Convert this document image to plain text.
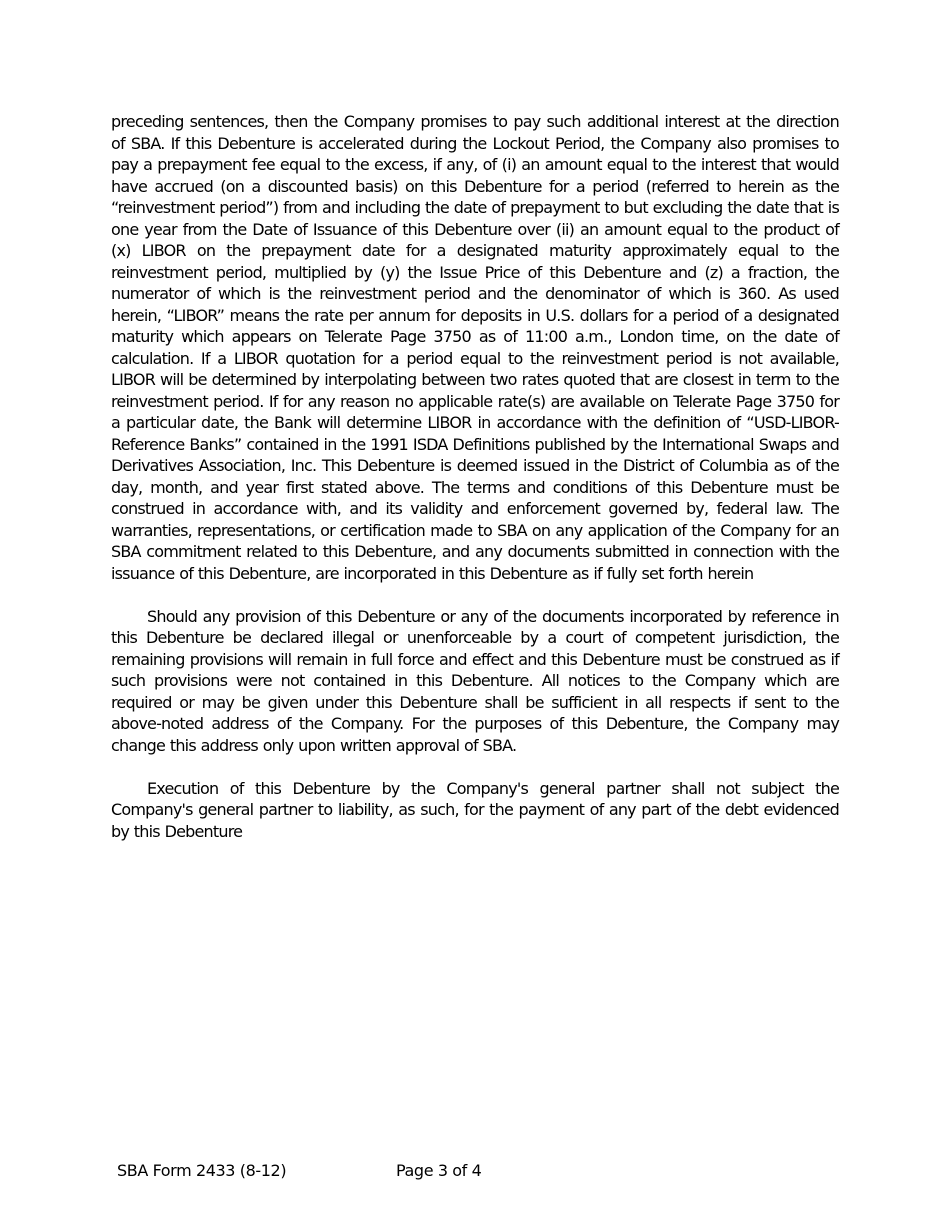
preceding sentences, then the Company promises to pay such additional interest at the direction of SBA. If this Debenture is accelerated during the Lockout Period, the Company also promises to pay a prepayment fee equal to the excess, if any, of (i) an amount equal to the interest that would have accrued (on a discounted basis) on this Debenture for a period (referred to herein as the “reinvestment period”) from and including the date of prepayment to but excluding the date that is one year from the Date of Issuance of this Debenture over (ii) an amount equal to the product of (x) LIBOR on the prepayment date for a designated maturity approximately equal to the reinvestment period, multiplied by (y) the Issue Price of this Debenture and (z) a fraction, the numerator of which is the reinvestment period and the denominator of which is 360. As used herein, “LIBOR” means the rate per annum for deposits in U.S. dollars for a period of a designated maturity which appears on Telerate Page 3750 as of 11:00 a.m., London time, on the date of calculation. If a LIBOR quotation for a period equal to the reinvestment period is not available, LIBOR will be determined by interpolating between two rates quoted that are closest in term to the reinvestment period. If for any reason no applicable rate(s) are available on Telerate Page 3750 for a particular date, the Bank will determine LIBOR in accordance with the definition of “USD-LIBOR-Reference Banks” contained in the 1991 ISDA Definitions published by the International Swaps and Derivatives Association, Inc. This Debenture is deemed issued in the District of Columbia as of the day, month, and year first stated above. The terms and conditions of this Debenture must be construed in accordance with, and its validity and enforcement governed by, federal law. The warranties, representations, or certification made to SBA on any application of the Company for an SBA commitment related to this Debenture, and any documents submitted in connection with the issuance of this Debenture, are incorporated in this Debenture as if fully set forth herein

Should any provision of this Debenture or any of the documents incorporated by reference in this Debenture be declared illegal or unenforceable by a court of competent jurisdiction, the remaining provisions will remain in full force and effect and this Debenture must be construed as if such provisions were not contained in this Debenture. All notices to the Company which are required or may be given under this Debenture shall be sufficient in all respects if sent to the above-noted address of the Company. For the purposes of this Debenture, the Company may change this address only upon written approval of SBA.

Execution of this Debenture by the Company's general partner shall not subject the Company's general partner to liability, as such, for the payment of any part of the debt evidenced by this Debenture

SBA Form 2433 (8-12)	Page 3 of 4
